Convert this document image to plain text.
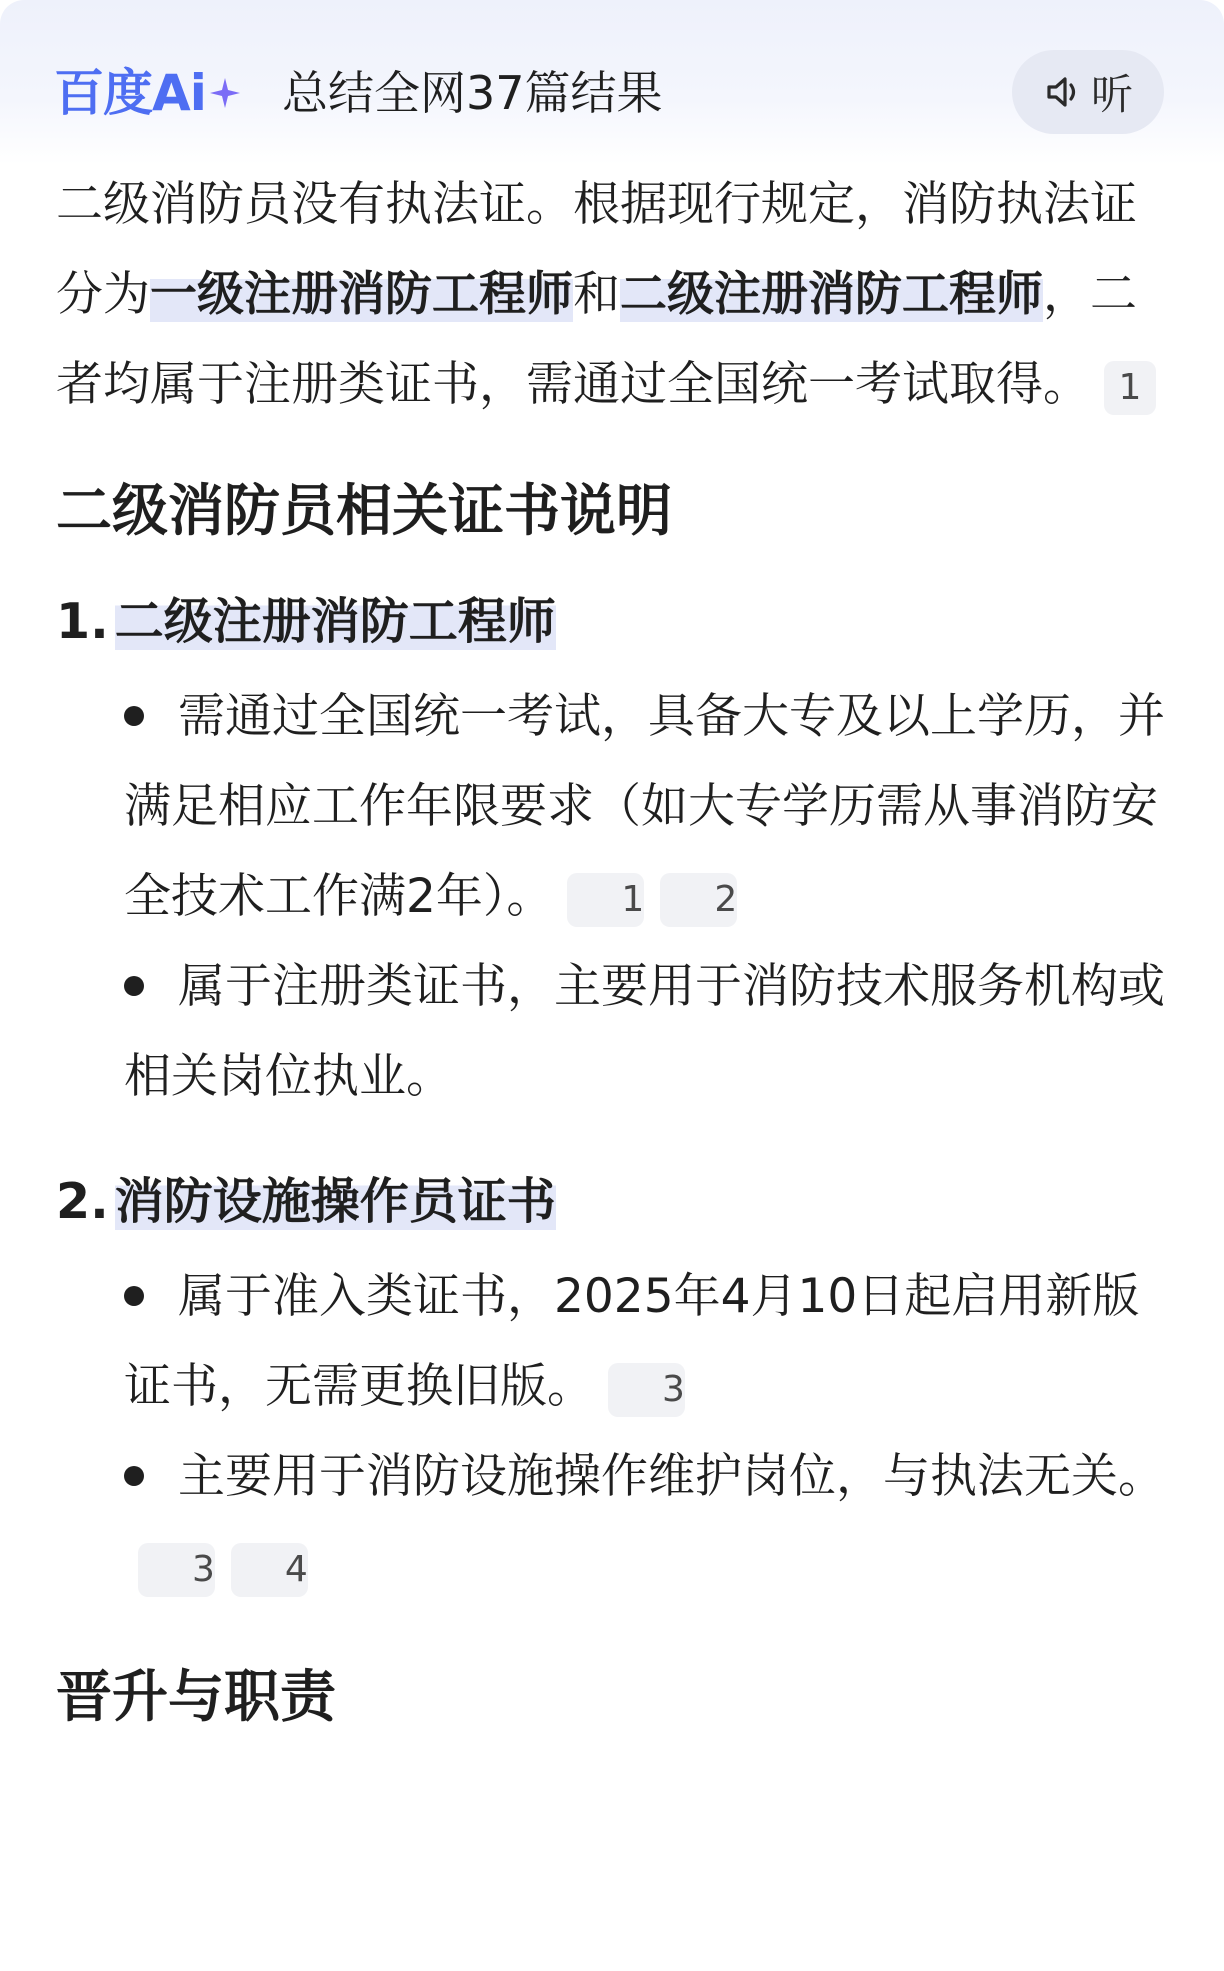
百度Ai 总结全网37篇结果	听

二级消防员没有执法证。根据现行规定，消防执法证分为一级注册消防工程师和二级注册消防工程师，二者均属于注册类证书，需通过全国统一考试取得。 1

二级消防员相关证书说明
1. 二级注册消防工程师
需通过全国统一考试，具备大专及以上学历，并满足相应工作年限要求（如大专学历需从事消防安全技术工作满2年）。 1 2
属于注册类证书，主要用于消防技术服务机构或相关岗位执业。
2. 消防设施操作员证书
属于准入类证书，2025年4月10日起启用新版证书，无需更换旧版。 3
主要用于消防设施操作维护岗位，与执法无关。3 4
晋升与职责
